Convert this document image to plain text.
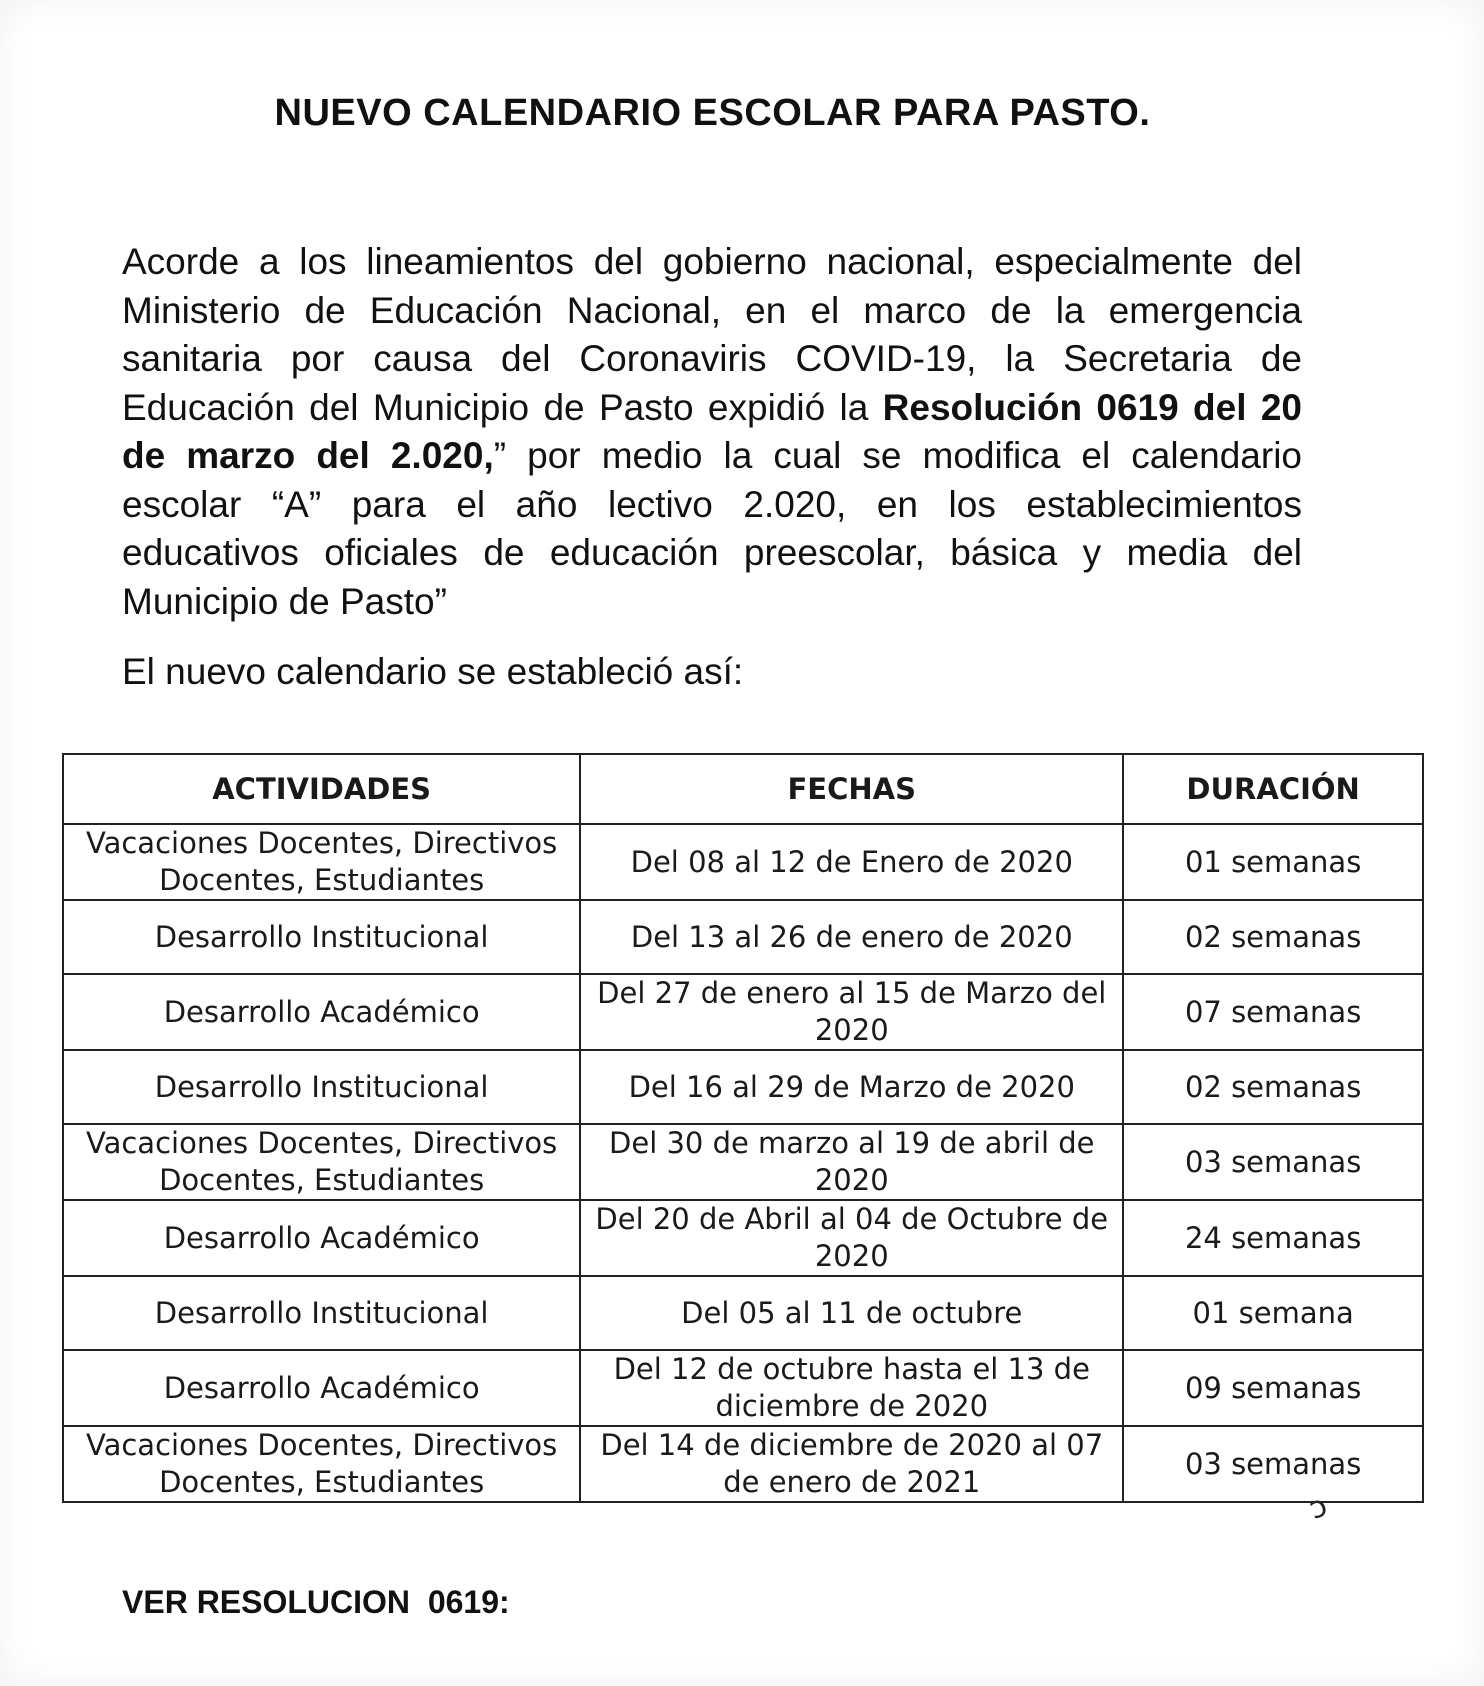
NUEVO CALENDARIO ESCOLAR PARA PASTO.

Acorde a los lineamientos del gobierno nacional, especialmente del Ministerio de Educación Nacional, en el marco de la emergencia sanitaria por causa del Coronaviris COVID-19, la Secretaria de Educación del Municipio de Pasto expidió la Resolución 0619 del 20 de marzo del 2.020,” por medio la cual se modifica el calendario escolar “A” para el año lectivo 2.020, en los establecimientos educativos oficiales de educación preescolar, básica y media del Municipio de Pasto”

El nuevo calendario se estableció así:

ACTIVIDADES	FECHAS	DURACIÓN
Vacaciones Docentes, Directivos Docentes, Estudiantes	Del 08 al 12 de Enero de 2020	01 semanas
Desarrollo Institucional	Del 13 al 26 de enero de 2020	02 semanas
Desarrollo Académico	Del 27 de enero al 15 de Marzo del 2020	07 semanas
Desarrollo Institucional	Del 16 al 29 de Marzo de 2020	02 semanas
Vacaciones Docentes, Directivos Docentes, Estudiantes	Del 30 de marzo al 19 de abril de 2020	03 semanas
Desarrollo Académico	Del 20 de Abril al 04 de Octubre de 2020	24 semanas
Desarrollo Institucional	Del 05 al 11 de octubre	01 semana
Desarrollo Académico	Del 12 de octubre hasta el 13 de diciembre de 2020	09 semanas
Vacaciones Docentes, Directivos Docentes, Estudiantes	Del 14 de diciembre de 2020 al 07 de enero de 2021	03 semanas
ↄ

VER RESOLUCION  0619:
